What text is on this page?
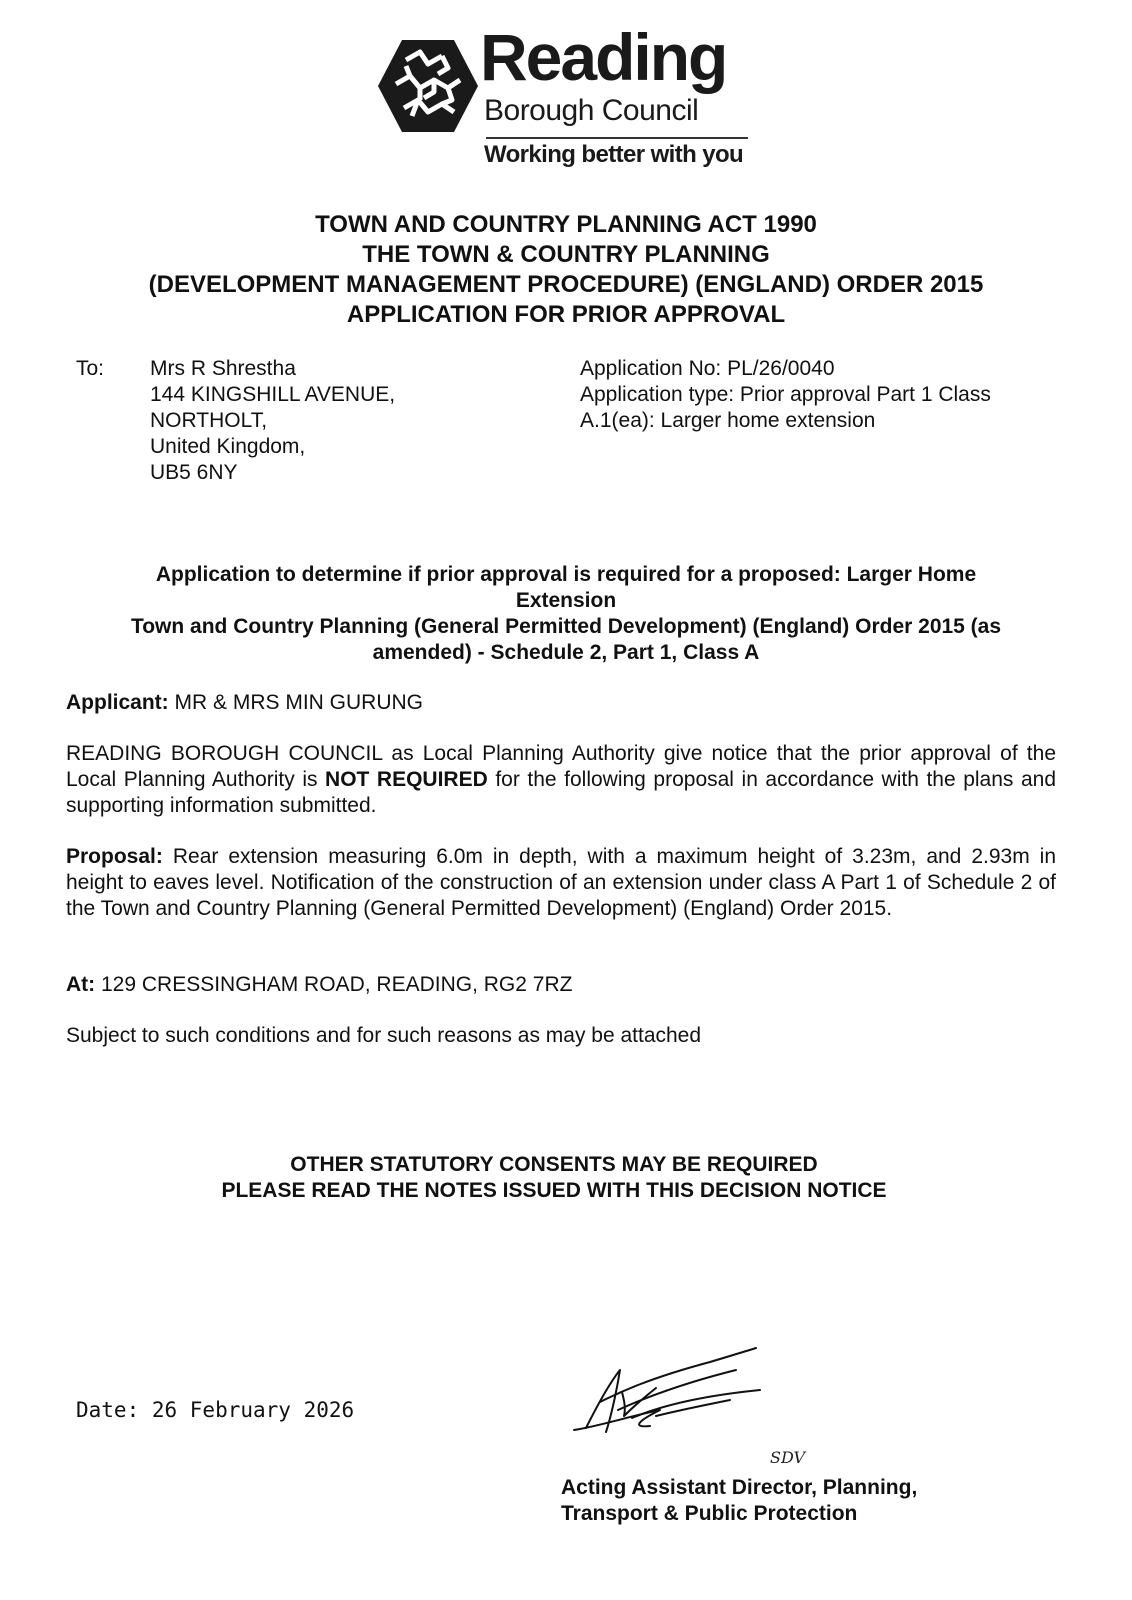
Reading
Borough Council
Working better with you
TOWN AND COUNTRY PLANNING ACT 1990
THE TOWN & COUNTRY PLANNING
(DEVELOPMENT MANAGEMENT PROCEDURE) (ENGLAND) ORDER 2015
APPLICATION FOR PRIOR APPROVAL
To: Mrs R Shrestha
144 KINGSHILL AVENUE,
NORTHOLT,
United Kingdom,
UB5 6NY
Application No: PL/26/0040
Application type: Prior approval Part 1 Class
A.1(ea): Larger home extension
Application to determine if prior approval is required for a proposed: Larger Home
Extension
Town and Country Planning (General Permitted Development) (England) Order 2015 (as
amended) - Schedule 2, Part 1, Class A
Applicant: MR & MRS MIN GURUNG
READING BOROUGH COUNCIL as Local Planning Authority give notice that the prior approval of the Local Planning Authority is NOT REQUIRED for the following proposal in accordance with the plans and supporting information submitted.
Proposal: Rear extension measuring 6.0m in depth, with a maximum height of 3.23m, and 2.93m in height to eaves level. Notification of the construction of an extension under class A Part 1 of Schedule 2 of the Town and Country Planning (General Permitted Development) (England) Order 2015.
At: 129 CRESSINGHAM ROAD, READING, RG2 7RZ
Subject to such conditions and for such reasons as may be attached
OTHER STATUTORY CONSENTS MAY BE REQUIRED
PLEASE READ THE NOTES ISSUED WITH THIS DECISION NOTICE
Date: 26 February 2026
SDV
Acting Assistant Director, Planning,
Transport & Public Protection
